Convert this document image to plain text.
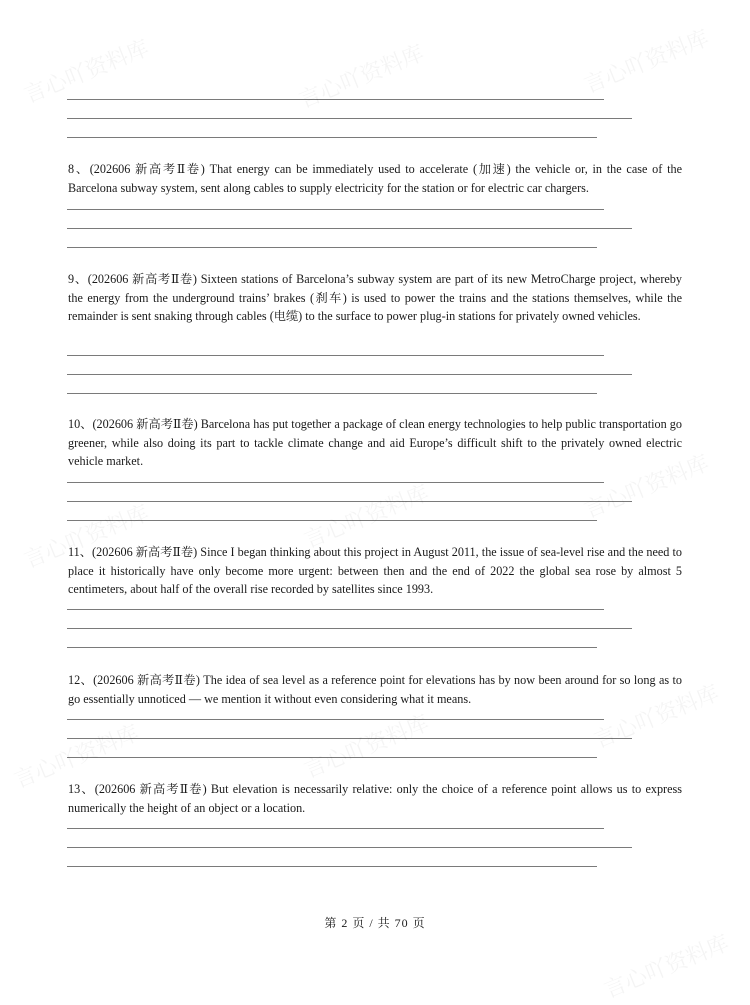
8、(202606 新高考Ⅱ卷) That energy can be immediately used to accelerate (加速) the vehicle or, in the case of the Barcelona subway system, sent along cables to supply electricity for the station or for electric car chargers.
9、(202606 新高考Ⅱ卷) Sixteen stations of Barcelona’s subway system are part of its new MetroCharge project, whereby the energy from the underground trains’ brakes (刹车) is used to power the trains and the stations themselves, while the remainder is sent snaking through cables (电缆) to the surface to power plug-in stations for privately owned vehicles.
10、(202606 新高考Ⅱ卷) Barcelona has put together a package of clean energy technologies to help public transportation go greener, while also doing its part to tackle climate change and aid Europe’s difficult shift to the privately owned electric vehicle market.
11、(202606 新高考Ⅱ卷) Since I began thinking about this project in August 2011, the issue of sea-level rise and the need to place it historically have only become more urgent: between then and the end of 2022 the global sea rose by almost 5 centimeters, about half of the overall rise recorded by satellites since 1993.
12、(202606 新高考Ⅱ卷) The idea of sea level as a reference point for elevations has by now been around for so long as to go essentially unnoticed — we mention it without even considering what it means.
13、(202606 新高考Ⅱ卷) But elevation is necessarily relative: only the choice of a reference point allows us to express numerically the height of an object or a location.
第 2 页 / 共 70 页
